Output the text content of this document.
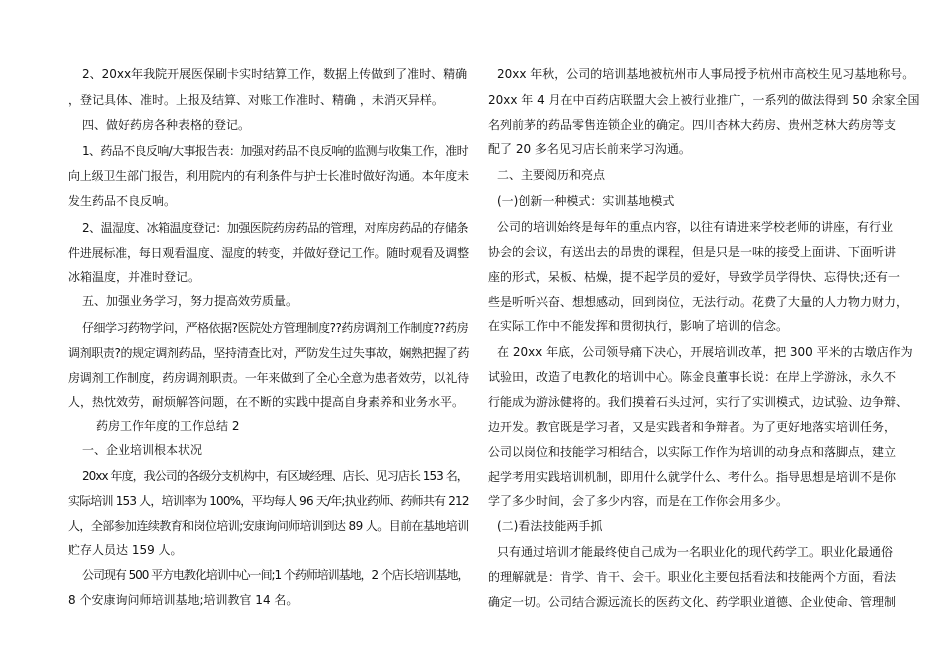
2、20xx年我院开展医保刷卡实时结算工作，数据上传做到了准时、精确
，登记具体、准时。上报及结算、对账工作准时、精确 ，未消灭异样。
四、做好药房各种表格的登记。
1、药品不良反响/大事报告表：加强对药品不良反响的监测与收集工作，准时
向上级卫生部门报告，利用院内的有利条件与护士长准时做好沟通。本年度未
发生药品不良反响。
2、温湿度、冰箱温度登记：加强医院药房药品的管理，对库房药品的存储条
件进展标准，每日观看温度、湿度的转变，并做好登记工作。随时观看及调整
冰箱温度，并准时登记。
五、加强业务学习，努力提高效劳质量。
仔细学习药物学问，严格依据?医院处方管理制度??药房调剂工作制度??药房
调剂职责?的规定调剂药品，坚持清查比对，严防发生过失事故，娴熟把握了药
房调剂工作制度，药房调剂职责。一年来做到了全心全意为患者效劳，以礼待
人，热忱效劳，耐烦解答问题，在不断的实践中提高自身素养和业务水平。
药房工作年度的工作总结 2
一、企业培训根本状况
20xx 年度，我公司的各级分支机构中，有区域经理、店长、见习店长 153 名，
实际培训 153 人，培训率为 100%，平均每人 96 天/年;执业药师、药师共有 212
人，全部参加连续教育和岗位培训;安康询问师培训到达 89 人。目前在基地培训
贮存人员达 159 人。
公司现有 500 平方电教化培训中心一间;1 个药师培训基地，2 个店长培训基地，
8 个安康询问师培训基地;培训教官 14 名。
20xx 年秋，公司的培训基地被杭州市人事局授予杭州市高校生见习基地称号。
20xx 年 4 月在中百药店联盟大会上被行业推广，一系列的做法得到 50 余家全国
名列前茅的药品零售连锁企业的确定。四川杏林大药房、贵州芝林大药房等支
配了 20 多名见习店长前来学习沟通。
二、主要阅历和亮点
(一)创新一种模式：实训基地模式
公司的培训始终是每年的重点内容，以往有请进来学校老师的讲座，有行业
协会的会议，有送出去的昂贵的课程，但是只是一味的接受上面讲、下面听讲
座的形式，呆板、枯燥，提不起学员的爱好，导致学员学得快、忘得快;还有一
些是听听兴奋、想想感动，回到岗位，无法行动。花费了大量的人力物力财力，
在实际工作中不能发挥和贯彻执行，影响了培训的信念。
在 20xx 年底，公司领导痛下决心，开展培训改革，把 300 平米的古墩店作为
试验田，改造了电教化的培训中心。陈金良董事长说：在岸上学游泳，永久不
行能成为游泳健将的。我们摸着石头过河，实行了实训模式，边试验、边争辩、
边开发。教官既是学习者，又是实践者和争辩者。为了更好地落实培训任务，
公司以岗位和技能学习相结合，以实际工作作为培训的动身点和落脚点，建立
起学考用实践培训机制，即用什么就学什么、考什么。指导思想是培训不是你
学了多少时间，会了多少内容，而是在工作你会用多少。
(二)看法技能两手抓
只有通过培训才能最终使自己成为一名职业化的现代药学工。职业化最通俗
的理解就是：肯学、肯干、会干。职业化主要包括看法和技能两个方面，看法
确定一切。公司结合源远流长的医药文化、药学职业道德、企业使命、管理制
